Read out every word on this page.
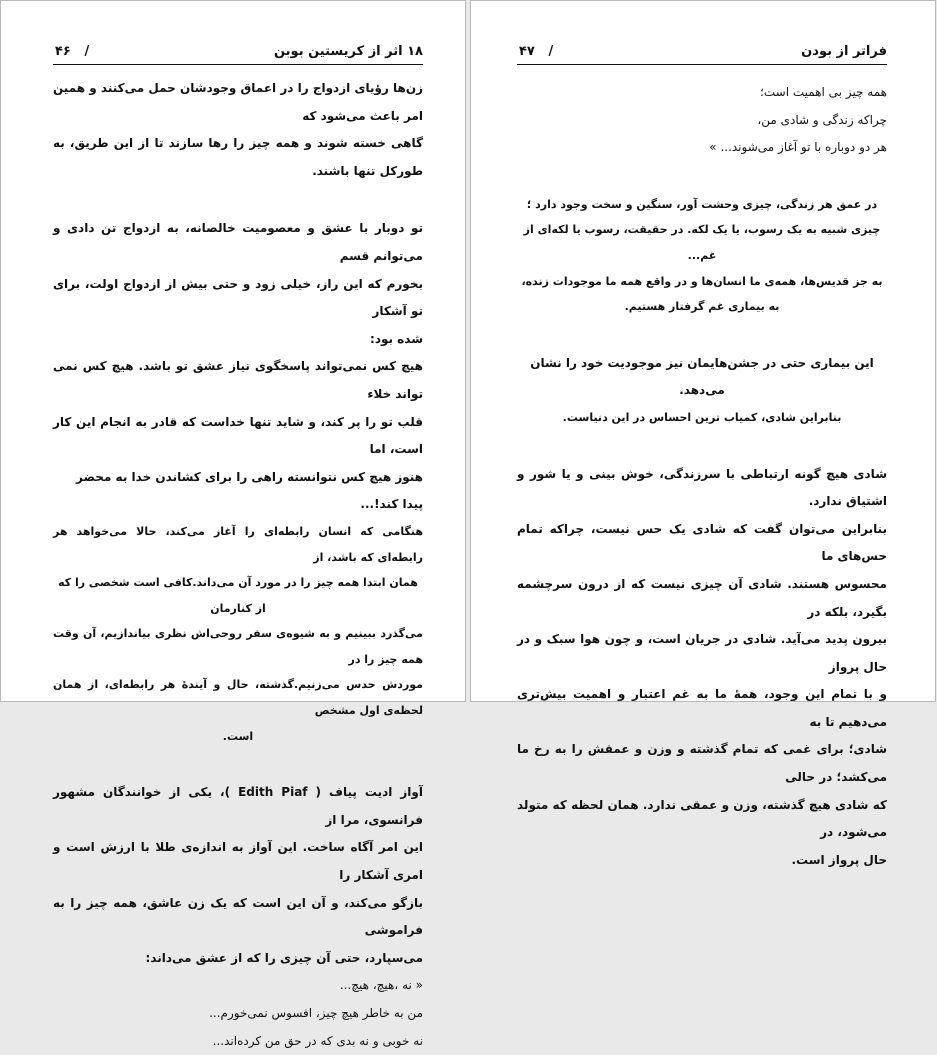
۱۸ اثر از کریستین بوبن
/   ۴۶

زن‌ها رؤیای ازدواج را در اعماق وجودشان حمل می‌کنند و همین امر باعث می‌شود که

گاهی خسته شوند و همه چیز را رها سازند تا از این طریق، به طورکل تنها باشند.

تو دوبار با عشق و معصومیت خالصانه، به ازدواج تن دادی و می‌توانم قسم

بخورم که این راز، خیلی زود و حتی بیش از ازدواج اولت، برای تو آشکار

شده بود:

هیچ کس نمی‌تواند پاسخگوی نیاز عشق تو باشد. هیچ کس نمی تواند خلاء

قلب تو را پر کند، و شاید تنها خداست که قادر به انجام این کار است، اما

هنوز هیچ کس نتوانسته راهی را برای کشاندن خدا به محضر پیدا کند!...

هنگامی که انسان رابطه‌ای را آغاز می‌کند، حالا می‌خواهد هر رابطه‌ای که باشد، از

همان ابتدا همه چیز را در مورد آن می‌داند.کافی است شخصی را که از کنارمان

می‌گذرد ببینیم و به شیوه‌ی سفر روحی‌اش نظری بیاندازیم، آن وقت همه چیز را در

موردش حدس می‌زنیم.گذشته، حال و آیندهٔ هر رابطه‌ای، از همان لحظه‌ی اول مشخص

است.

آواز ادیت پیاف ( Edith Piaf )، یکی از خوانندگان مشهور فرانسوی، مرا از

این امر آگاه ساخت. این آواز به اندازه‌ی طلا با ارزش است و امری آشکار را

بازگو می‌کند، و آن این است که یک زن عاشق، همه چیز را به فراموشی

می‌سپارد، حتی آن چیزی را که از عشق می‌داند:

« نه ،هیچ، هیچ...

من به خاطر هیچ چیز، افسوس نمی‌خورم...

نه خوبی و نه بدی که در حق من کرده‌اند...

فراتر از بودن
/   ۴۷

همه چیز بی اهمیت است؛

چراکه زندگی و شادی من،

هر دو دوباره با تو آغاز می‌شوند... »

در عمق هر زندگی، چیزی وحشت آور، سنگین و سخت وجود دارد ؛

چیزی شبیه به یک رسوب، یا یک لکه. در حقیقت، رسوب یا لکه‌ای از غم...

به جز قدیس‌ها، همه‌ی ما انسان‌ها و در واقع همه ما موجودات زنده،

به بیماری غم گرفتار هستیم.

این بیماری حتی در جشن‌هایمان نیز موجودیت خود را نشان می‌دهد.

بنابراین شادی، کمیاب ترین احساس در این دنیاست.

شادی هیچ گونه ارتباطی با سرزندگی، خوش بینی و یا شور و اشتیاق ندارد.

بنابراین می‌توان گفت که شادی یک حس نیست، چراکه تمام حس‌های ما

محسوس هستند. شادی آن چیزی نیست که از درون سرچشمه بگیرد، بلکه در

بیرون پدید می‌آید. شادی در جریان است، و چون هوا سبک و در حال پرواز

و با تمام این وجود، همهٔ ما به غم اعتبار و اهمیت بیش‌تری می‌دهیم تا به

شادی؛ برای غمی که تمام گذشته و وزن و عمقش را به رخ ما می‌کشد؛ در حالی

که شادی هیچ گذشته، وزن و عمقی ندارد. همان لحظه که متولد می‌شود، در

حال پرواز است.
